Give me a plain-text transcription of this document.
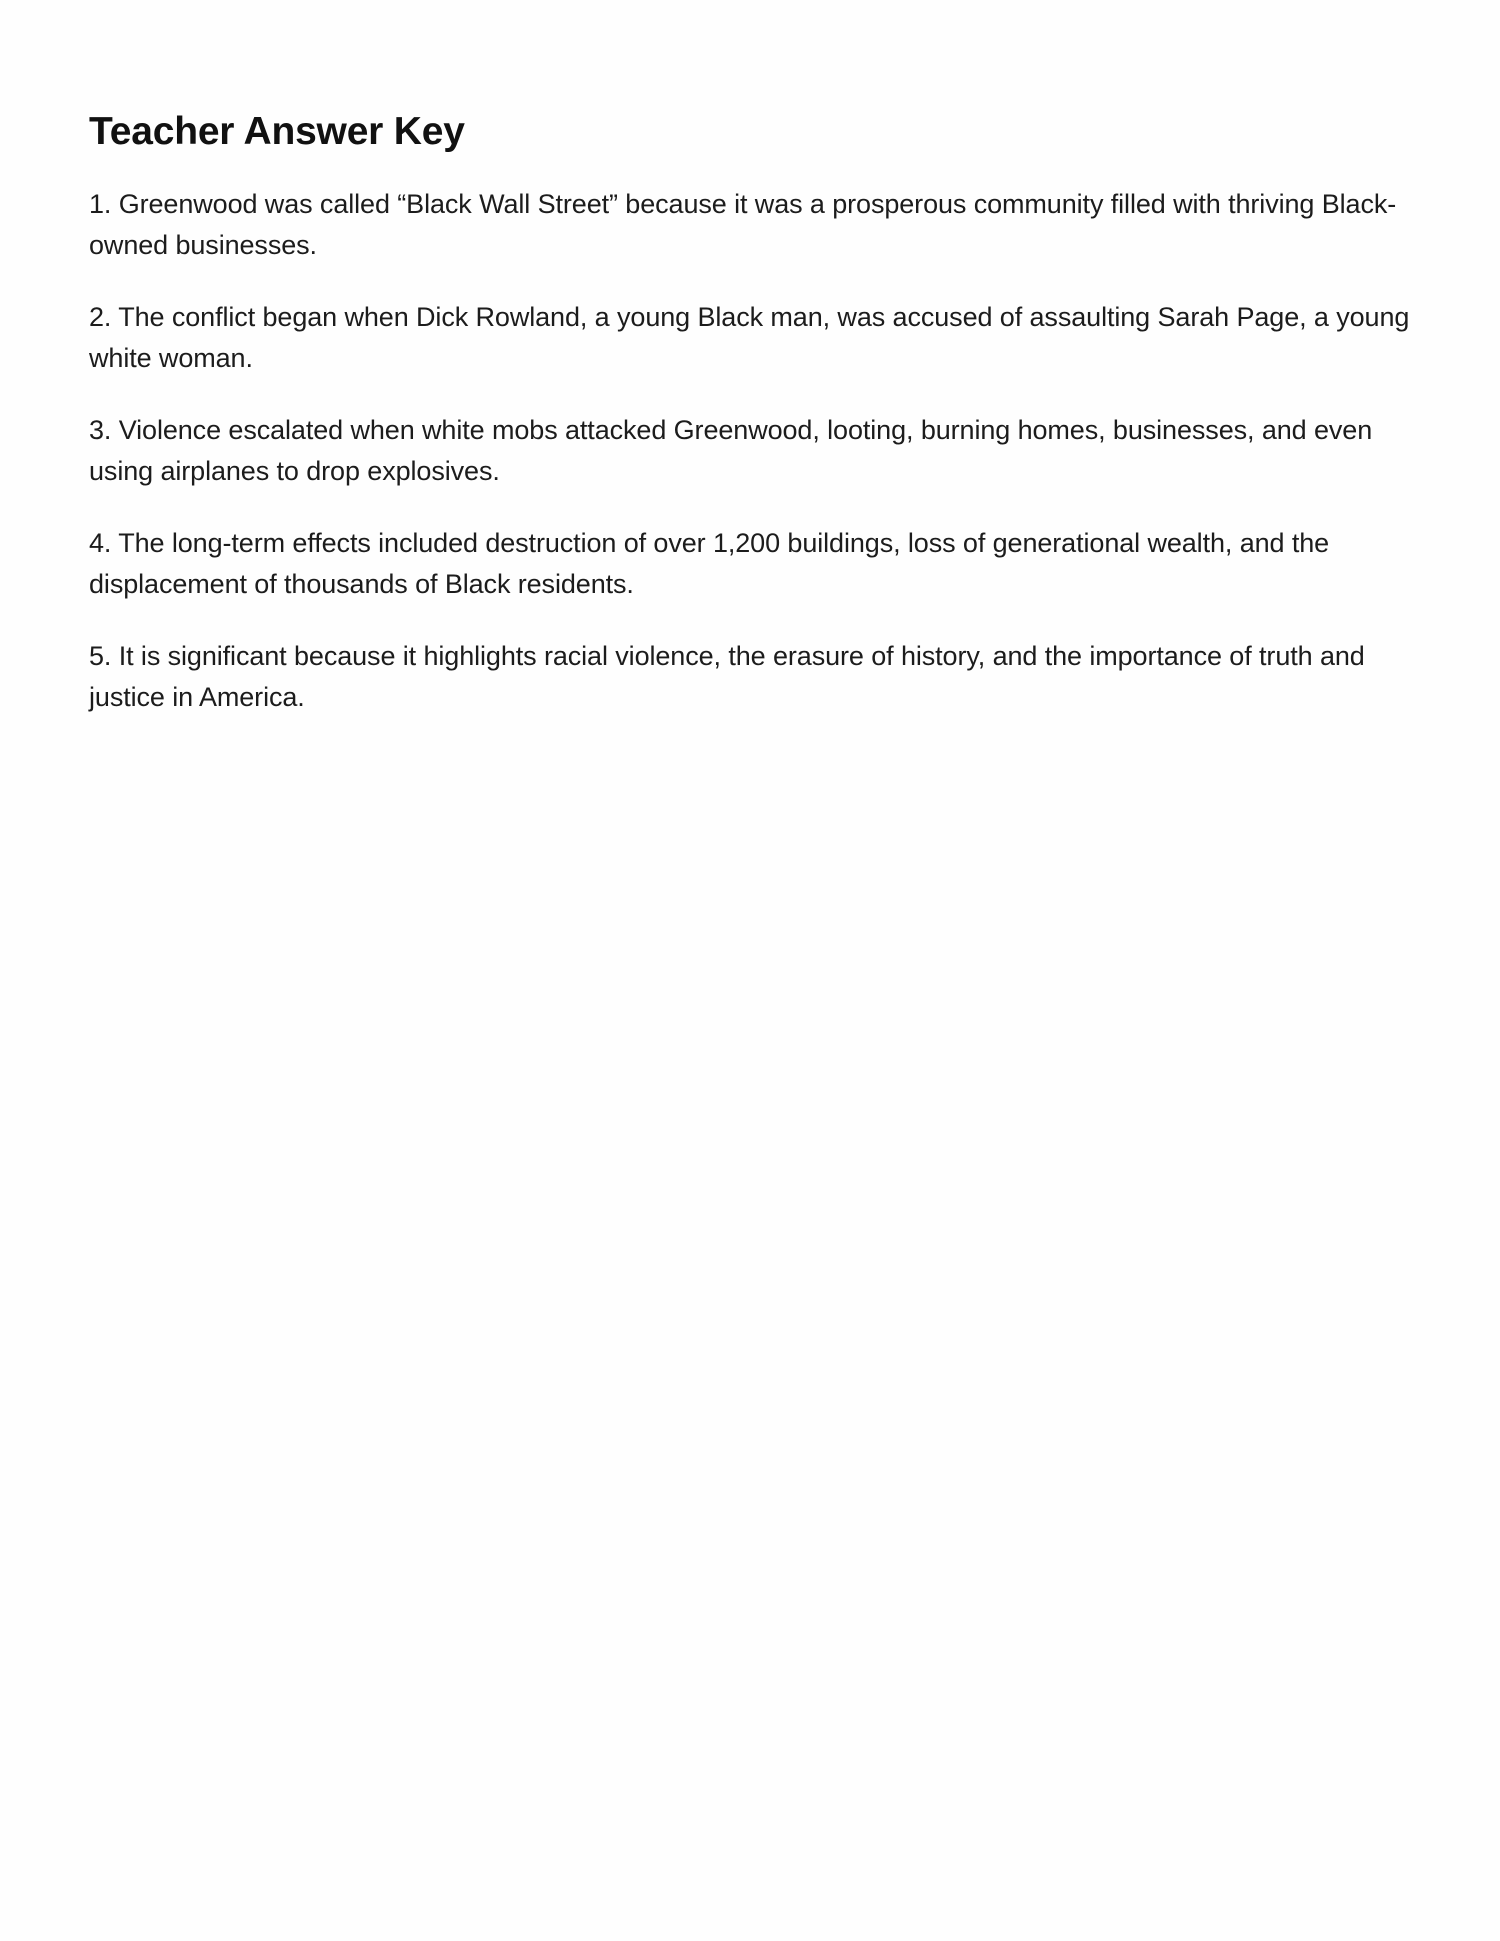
Teacher Answer Key
1. Greenwood was called “Black Wall Street” because it was a prosperous community filled with thriving Black-owned businesses.
2. The conflict began when Dick Rowland, a young Black man, was accused of assaulting Sarah Page, a young white woman.
3. Violence escalated when white mobs attacked Greenwood, looting, burning homes, businesses, and even using airplanes to drop explosives.
4. The long-term effects included destruction of over 1,200 buildings, loss of generational wealth, and the displacement of thousands of Black residents.
5. It is significant because it highlights racial violence, the erasure of history, and the importance of truth and justice in America.
